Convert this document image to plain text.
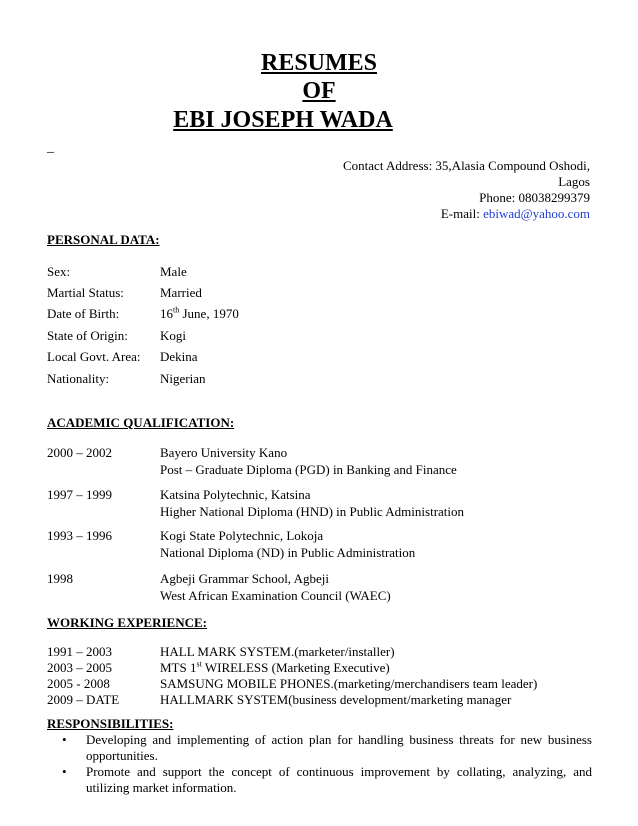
RESUMES
OF
EBI JOSEPH WADA
_
Contact Address: 35,Alasia Compound Oshodi,
Lagos
Phone: 08038299379
E-mail: ebiwad@yahoo.com
PERSONAL DATA:
Sex:	Male
Martial Status:	Married
Date of Birth:	16th June, 1970
State of Origin: Kogi
Local Govt. Area: Dekina
Nationality:	Nigerian
ACADEMIC QUALIFICATION:
2000 – 2002	Bayero University Kano
Post – Graduate Diploma (PGD) in Banking and Finance
1997 – 1999	Katsina Polytechnic, Katsina
Higher National Diploma (HND) in Public Administration
1993 – 1996	Kogi State Polytechnic, Lokoja
National Diploma (ND) in Public Administration
1998	Agbeji Grammar School, Agbeji
West African Examination Council (WAEC)
WORKING EXPERIENCE:
1991 – 2003	HALL MARK SYSTEM.(marketer/installer)
2003 – 2005	MTS 1st WIRELESS (Marketing Executive)
2005 - 2008	SAMSUNG MOBILE PHONES.(marketing/merchandisers team leader)
2009 – DATE	HALLMARK SYSTEM(business development/marketing manager
RESPONSIBILITIES:
• Developing and implementing of action plan for handling business threats for new business opportunities.
• Promote and support the concept of continuous improvement by collating, analyzing, and utilizing market information.
